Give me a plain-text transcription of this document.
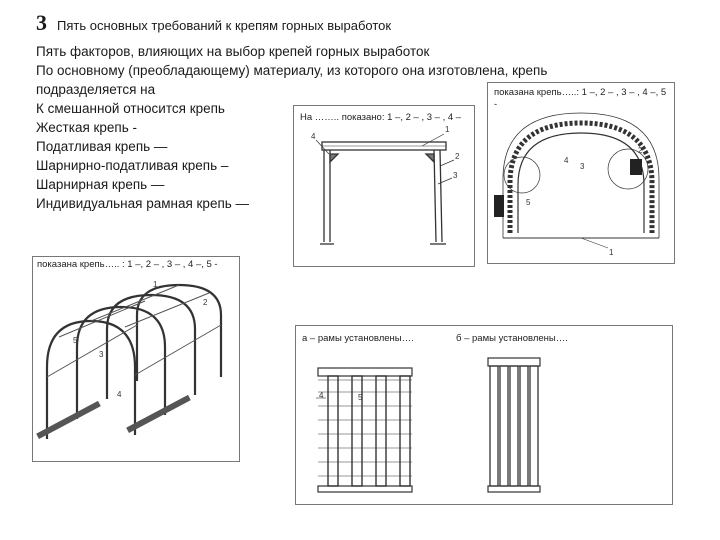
3 Пять основных требований к крепям горных выработок
Пять факторов, влияющих на выбор крепей горных выработок
По основному (преобладающему) материалу, из которого она изготовлена, крепь
подразделяется на
К смешанной относится крепь
Жесткая крепь -
Податливая крепь —
Шарнирно-податливая крепь –
Шарнирная крепь —
Индивидуальная рамная крепь —
На …….. показано: 1 –, 2 – , 3 – , 4 –
1
2
3
4
показана крепь…..: 1 –, 2 – , 3 – , 4 –, 5 -
1
2
3
4
5
показана крепь….. : 1 –, 2 – , 3 – , 4 –, 5 -
1
2
3
4
5	а – рамы установлены….	б – рамы установлены….
4	5
